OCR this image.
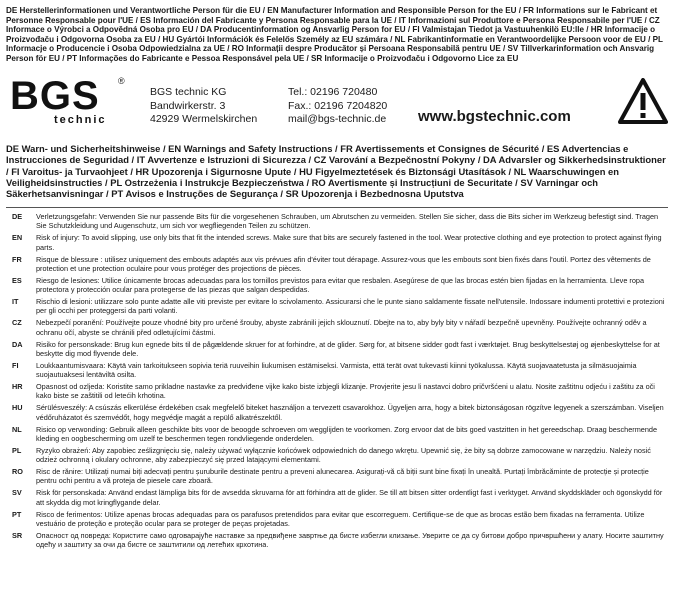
DE Herstellerinformationen und Verantwortliche Person für die EU / EN Manufacturer Information and Responsible Person for the EU / FR Informations sur le Fabricant et Personne Responsable pour l'UE / ES Información del Fabricante y Persona Responsable para la UE / IT Informazioni sul Produttore e Persona Responsabile per l'UE / CZ Informace o Výrobci a Odpovědná Osoba pro EU / DA Producentinformation og Ansvarlig Person for EU / FI Valmistajan Tiedot ja Vastuuhenkilö EU:lle / HR Informacije o Proizvođaču i Odgovorna Osoba za EU / HU Gyártói Információk és Felelős Személy az EU számára / NL Fabrikantinformatie en Verantwoordelijke Persoon voor de EU / PL Informacje o Producencie i Osoba Odpowiedzialna za UE / RO Informații despre Producător și Persoana Responsabilă pentru UE / SV Tillverkarinformation och Ansvarig Person för EU / PT Informações do Fabricante e Pessoa Responsável pela UE / SR Informacije o Proizvođaču i Odgovorno Lice za EU
BGS	®
technic
BGS technic KG
Bandwirkerstr. 3
42929 Wermelskirchen
Tel.: 02196 720480
Fax.: 02196 7204820
mail@bgs-technic.de www.bgstechnic.com
DE Warn- und Sicherheitshinweise / EN Warnings and Safety Instructions / FR Avertissements et Consignes de Sécurité / ES Advertencias e Instrucciones de Seguridad / IT Avvertenze e Istruzioni di Sicurezza / CZ Varování a Bezpečnostní Pokyny / DA Advarsler og Sikkerhedsinstruktioner / FI Varoitus- ja Turvaohjeet / HR Upozorenja i Sigurnosne Upute / HU Figyelmeztetések és Biztonsági Utasítások / NL Waarschuwingen en Veiligheidsinstructies / PL Ostrzeżenia i Instrukcje Bezpieczeństwa / RO Avertismente și Instrucțiuni de Securitate / SV Varningar och Säkerhetsanvisningar / PT Avisos e Instruções de Segurança / SR Upozorenja i Bezbednosna Uputstva
DE	Verletzungsgefahr: Verwenden Sie nur passende Bits für die vorgesehenen Schrauben, um Abrutschen zu vermeiden. Stellen Sie sicher, dass die Bits sicher im Werkzeug befestigt sind. Tragen Sie Schutzkleidung und Augenschutz, um sich vor wegfliegenden Teilen zu schützen.
EN	Risk of injury: To avoid slipping, use only bits that fit the intended screws. Make sure that bits are securely fastened in the tool. Wear protective clothing and eye protection to protect against flying parts.
FR	Risque de blessure : utilisez uniquement des embouts adaptés aux vis prévues afin d'éviter tout dérapage. Assurez-vous que les embouts sont bien fixés dans l'outil. Portez des vêtements de protection et une protection oculaire pour vous protéger des projections de pièces.
ES	Riesgo de lesiones: Utilice únicamente brocas adecuadas para los tornillos previstos para evitar que resbalen. Asegúrese de que las brocas estén bien fijadas en la herramienta. Lleve ropa protectora y protección ocular para protegerse de las piezas que salgan despedidas.
IT	Rischio di lesioni: utilizzare solo punte adatte alle viti previste per evitare lo scivolamento. Assicurarsi che le punte siano saldamente fissate nell'utensile. Indossare indumenti protettivi e protezioni per gli occhi per proteggersi da parti volanti.
CZ	Nebezpečí poranění: Používejte pouze vhodné bity pro určené šrouby, abyste zabránili jejich sklouznutí. Dbejte na to, aby byly bity v nářadí bezpečně upevněny. Používejte ochranný oděv a ochranu očí, abyste se chránili před odletujícími částmi.
DA	Risiko for personskade: Brug kun egnede bits til de pågældende skruer for at forhindre, at de glider. Sørg for, at bitsene sidder godt fast i værktøjet. Brug beskyttelsestøj og øjenbeskyttelse for at beskytte dig mod flyvende dele.
FI	Loukkaantumisvaara: Käytä vain tarkoitukseen sopivia teriä ruuveihin liukumisen estämiseksi. Varmista, että terät ovat tukevasti kiinni työkalussa. Käytä suojavaatetusta ja silmäsuojaimia suojautuaksesi lentäviltä osilta.
HR	Opasnost od ozljeda: Koristite samo prikladne nastavke za predviđene vijke kako biste izbjegli klizanje. Provjerite jesu li nastavci dobro pričvršćeni u alatu. Nosite zaštitnu odjeću i zaštitu za oči kako biste se zaštitili od letećih krhotina.
HU	Sérülésveszély: A csúszás elkerülése érdekében csak megfelelő biteket használjon a tervezett csavarokhoz. Ügyeljen arra, hogy a bitek biztonságosan rögzítve legyenek a szerszámban. Viseljen védőruházatot és szemvédőt, hogy megvédje magát a repülő alkatrészektől.
NL	Risico op verwonding: Gebruik alleen geschikte bits voor de beoogde schroeven om wegglijden te voorkomen. Zorg ervoor dat de bits goed vastzitten in het gereedschap. Draag beschermende kleding en oogbescherming om uzelf te beschermen tegen rondvliegende onderdelen.
PL	Ryzyko obrażeń: Aby zapobiec ześlizgnięciu się, należy używać wyłącznie końcówek odpowiednich do danego wkrętu. Upewnić się, że bity są dobrze zamocowane w narzędziu. Należy nosić odzież ochronną i okulary ochronne, aby zabezpieczyć się przed latającymi elementami.
RO	Risc de rănire: Utilizați numai biți adecvați pentru șuruburile destinate pentru a preveni alunecarea. Asigurați-vă că biții sunt bine fixați în unealtă. Purtați îmbrăcăminte de protecție și protecție pentru ochi pentru a vă proteja de piesele care zboară.
SV	Risk för personskada: Använd endast lämpliga bits för de avsedda skruvarna för att förhindra att de glider. Se till att bitsen sitter ordentligt fast i verktyget. Använd skyddskläder och ögonskydd för att skydda dig mot kringflygande delar.
PT	Risco de ferimentos: Utilize apenas brocas adequadas para os parafusos pretendidos para evitar que escorreguem. Certifique-se de que as brocas estão bem fixadas na ferramenta. Utilize vestuário de proteção e proteção ocular para se proteger de peças projetadas.
SR	Опасност од повреда: Користите само одговарајуће наставке за предвиђене завртње да бисте избегли клизање. Уверите се да су битови добро причвршћени у алату. Носите заштитну одећу и заштиту за очи да бисте се заштитили од летећих крхотина.
